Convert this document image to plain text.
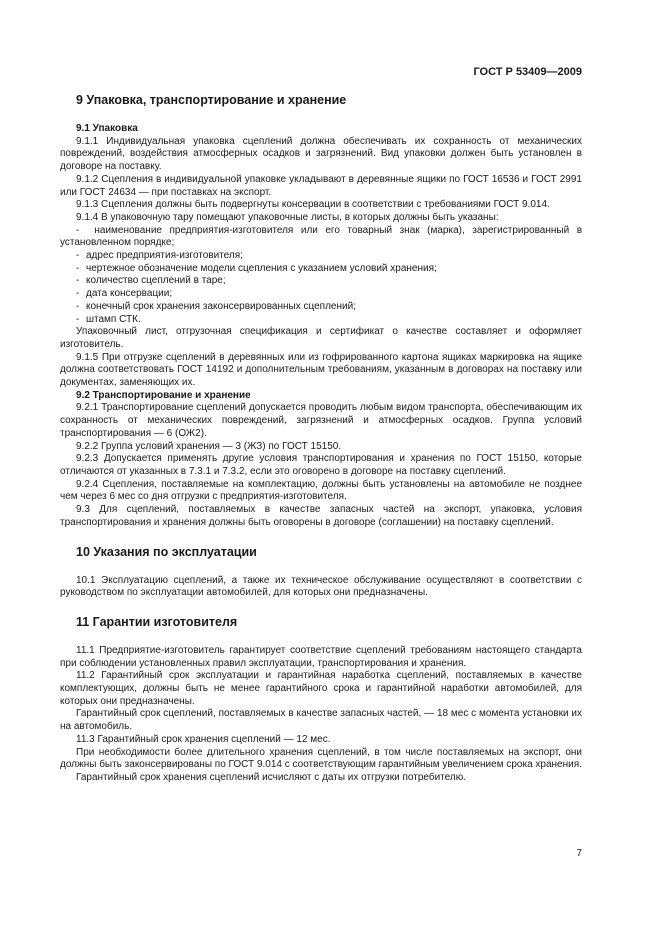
ГОСТ Р 53409—2009
9 Упаковка, транспортирование и хранение
9.1 Упаковка

9.1.1 Индивидуальная упаковка сцеплений должна обеспечивать их сохранность от механических повреждений, воздействия атмосферных осадков и загрязнений. Вид упаковки должен быть установлен в договоре на поставку.

9.1.2 Сцепления в индивидуальной упаковке укладывают в деревянные ящики по ГОСТ 16536 и ГОСТ 2991 или ГОСТ 24634 — при поставках на экспорт.

9.1.3 Сцепления должны быть подвергнуты консервации в соответствии с требованиями ГОСТ 9.014.

9.1.4 В упаковочную тару помещают упаковочные листы, в которых должны быть указаны:

-  наименование предприятия-изготовителя или его товарный знак (марка), зарегистрированный в установленном порядке;

- адрес предприятия-изготовителя;

- чертежное обозначение модели сцепления с указанием условий хранения;

- количество сцеплений в таре;

- дата консервации;

- конечный срок хранения законсервированных сцеплений;

- штамп СТК.

Упаковочный лист, отгрузочная спецификация и сертификат о качестве составляет и оформляет изготовитель.

9.1.5 При отгрузке сцеплений в деревянных или из гофрированного картона ящиках маркировка на ящике должна соответствовать ГОСТ 14192 и дополнительным требованиям, указанным в договорах на поставку или документах, заменяющих их.

9.2 Транспортирование и хранение

9.2.1 Транспортирование сцеплений допускается проводить любым видом транспорта, обеспечивающим их сохранность от механических повреждений, загрязнений и атмосферных осадков. Группа условий транспортирования — 6 (ОЖ2).

9.2.2 Группа условий хранения — 3 (ЖЗ) по ГОСТ 15150.

9.2.3 Допускается применять другие условия транспортирования и хранения по ГОСТ 15150, которые отличаются от указанных в 7.3.1 и 7.3.2, если это оговорено в договоре на поставку сцеплений.

9.2.4 Сцепления, поставляемые на комплектацию, должны быть установлены на автомобиле не позднее чем через 6 мес со дня отгрузки с предприятия-изготовителя.

9.3 Для сцеплений, поставляемых в качестве запасных частей на экспорт, упаковка, условия транспортирования и хранения должны быть оговорены в договоре (соглашении) на поставку сцеплений.

10 Указания по эксплуатации

10.1 Эксплуатацию сцеплений, а также их техническое обслуживание осуществляют в соответствии с руководством по эксплуатации автомобилей, для которых они предназначены.

11 Гарантии изготовителя

11.1 Предприятие-изготовитель гарантирует соответствие сцеплений требованиям настоящего стандарта при соблюдении установленных правил эксплуатации, транспортирования и хранения.

11.2 Гарантийный срок эксплуатации и гарантийная наработка сцеплений, поставляемых в качестве комплектующих, должны быть не менее гарантийного срока и гарантийной наработки автомобилей, для которых они предназначены.

Гарантийный срок сцеплений, поставляемых в качестве запасных частей, — 18 мес с момента установки их на автомобиль.

11.3 Гарантийный срок хранения сцеплений — 12 мес.

При необходимости более длительного хранения сцеплений, в том числе поставляемых на экспорт, они должны быть законсервированы по ГОСТ 9.014 с соответствующим гарантийным увеличением срока хранения.

Гарантийный срок хранения сцеплений исчисляют с даты их отгрузки потребителю.

7
